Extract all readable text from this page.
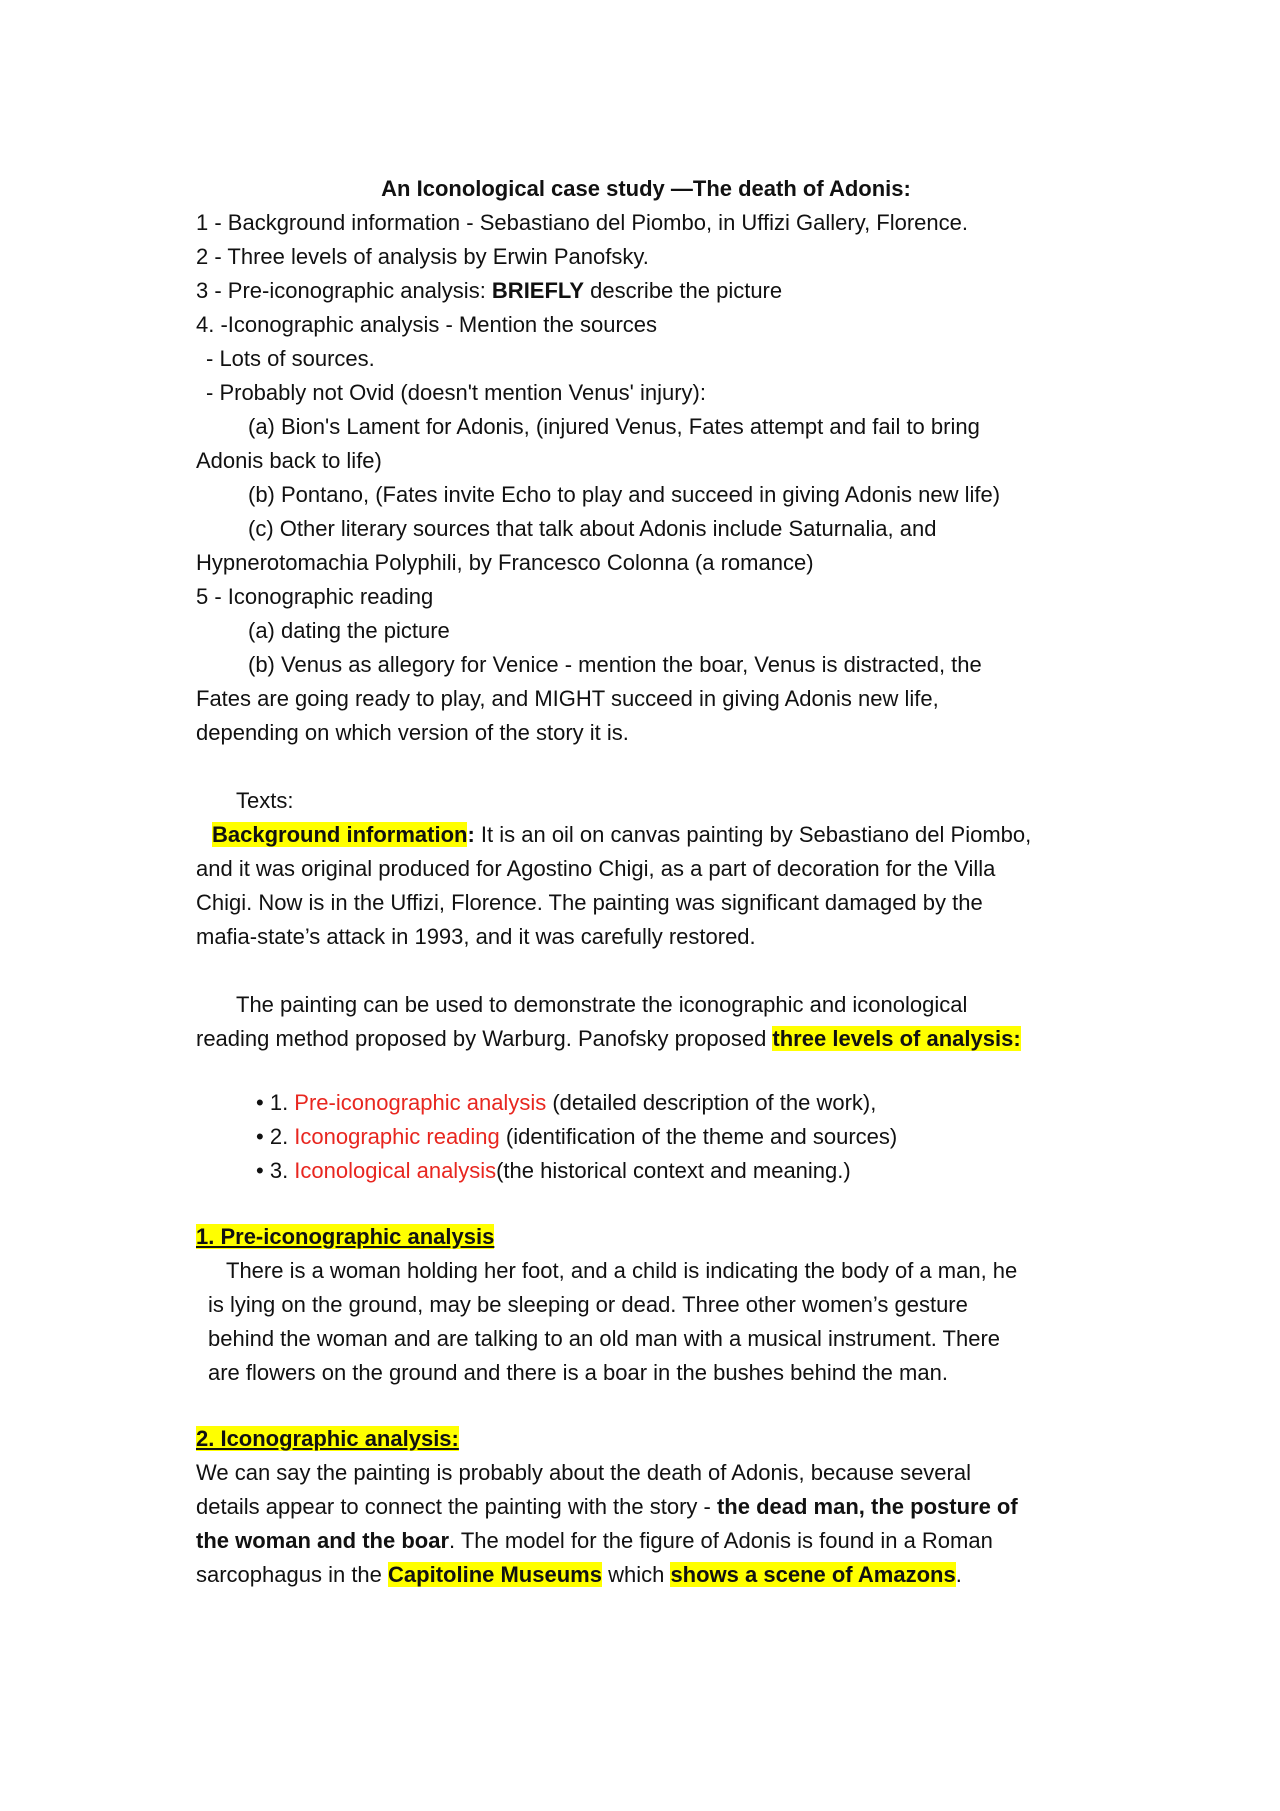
An Iconological case study —The death of Adonis:
1 - Background information - Sebastiano del Piombo, in Uffizi Gallery, Florence.
2 - Three levels of analysis by Erwin Panofsky.
3 - Pre-iconographic analysis: BRIEFLY describe the picture
4. -Iconographic analysis - Mention the sources
- Lots of sources.
- Probably not Ovid (doesn't mention Venus' injury):
(a) Bion's Lament for Adonis, (injured Venus, Fates attempt and fail to bring
Adonis back to life)
(b) Pontano, (Fates invite Echo to play and succeed in giving Adonis new life)
(c) Other literary sources that talk about Adonis include Saturnalia, and
Hypnerotomachia Polyphili, by Francesco Colonna (a romance)
5 - Iconographic reading
(a) dating the picture
(b) Venus as allegory for Venice - mention the boar, Venus is distracted, the
Fates are going ready to play, and MIGHT succeed in giving Adonis new life,
depending on which version of the story it is.
Texts:
Background information: It is an oil on canvas painting by Sebastiano del Piombo,
and it was original produced for Agostino Chigi, as a part of decoration for the Villa
Chigi. Now is in the Uffizi, Florence. The painting was significant damaged by the
mafia-state’s attack in 1993, and it was carefully restored.
The painting can be used to demonstrate the iconographic and iconological
reading method proposed by Warburg. Panofsky proposed three levels of analysis:
• 1. Pre-iconographic analysis (detailed description of the work),
• 2. Iconographic reading (identification of the theme and sources)
• 3. Iconological analysis(the historical context and meaning.)
1. Pre-iconographic analysis
There is a woman holding her foot, and a child is indicating the body of a man, he
is lying on the ground, may be sleeping or dead. Three other women’s gesture
behind the woman and are talking to an old man with a musical instrument. There
are flowers on the ground and there is a boar in the bushes behind the man.
2. Iconographic analysis:
We can say the painting is probably about the death of Adonis, because several
details appear to connect the painting with the story - the dead man, the posture of
the woman and the boar. The model for the figure of Adonis is found in a Roman
sarcophagus in the Capitoline Museums which shows a scene of Amazons.
